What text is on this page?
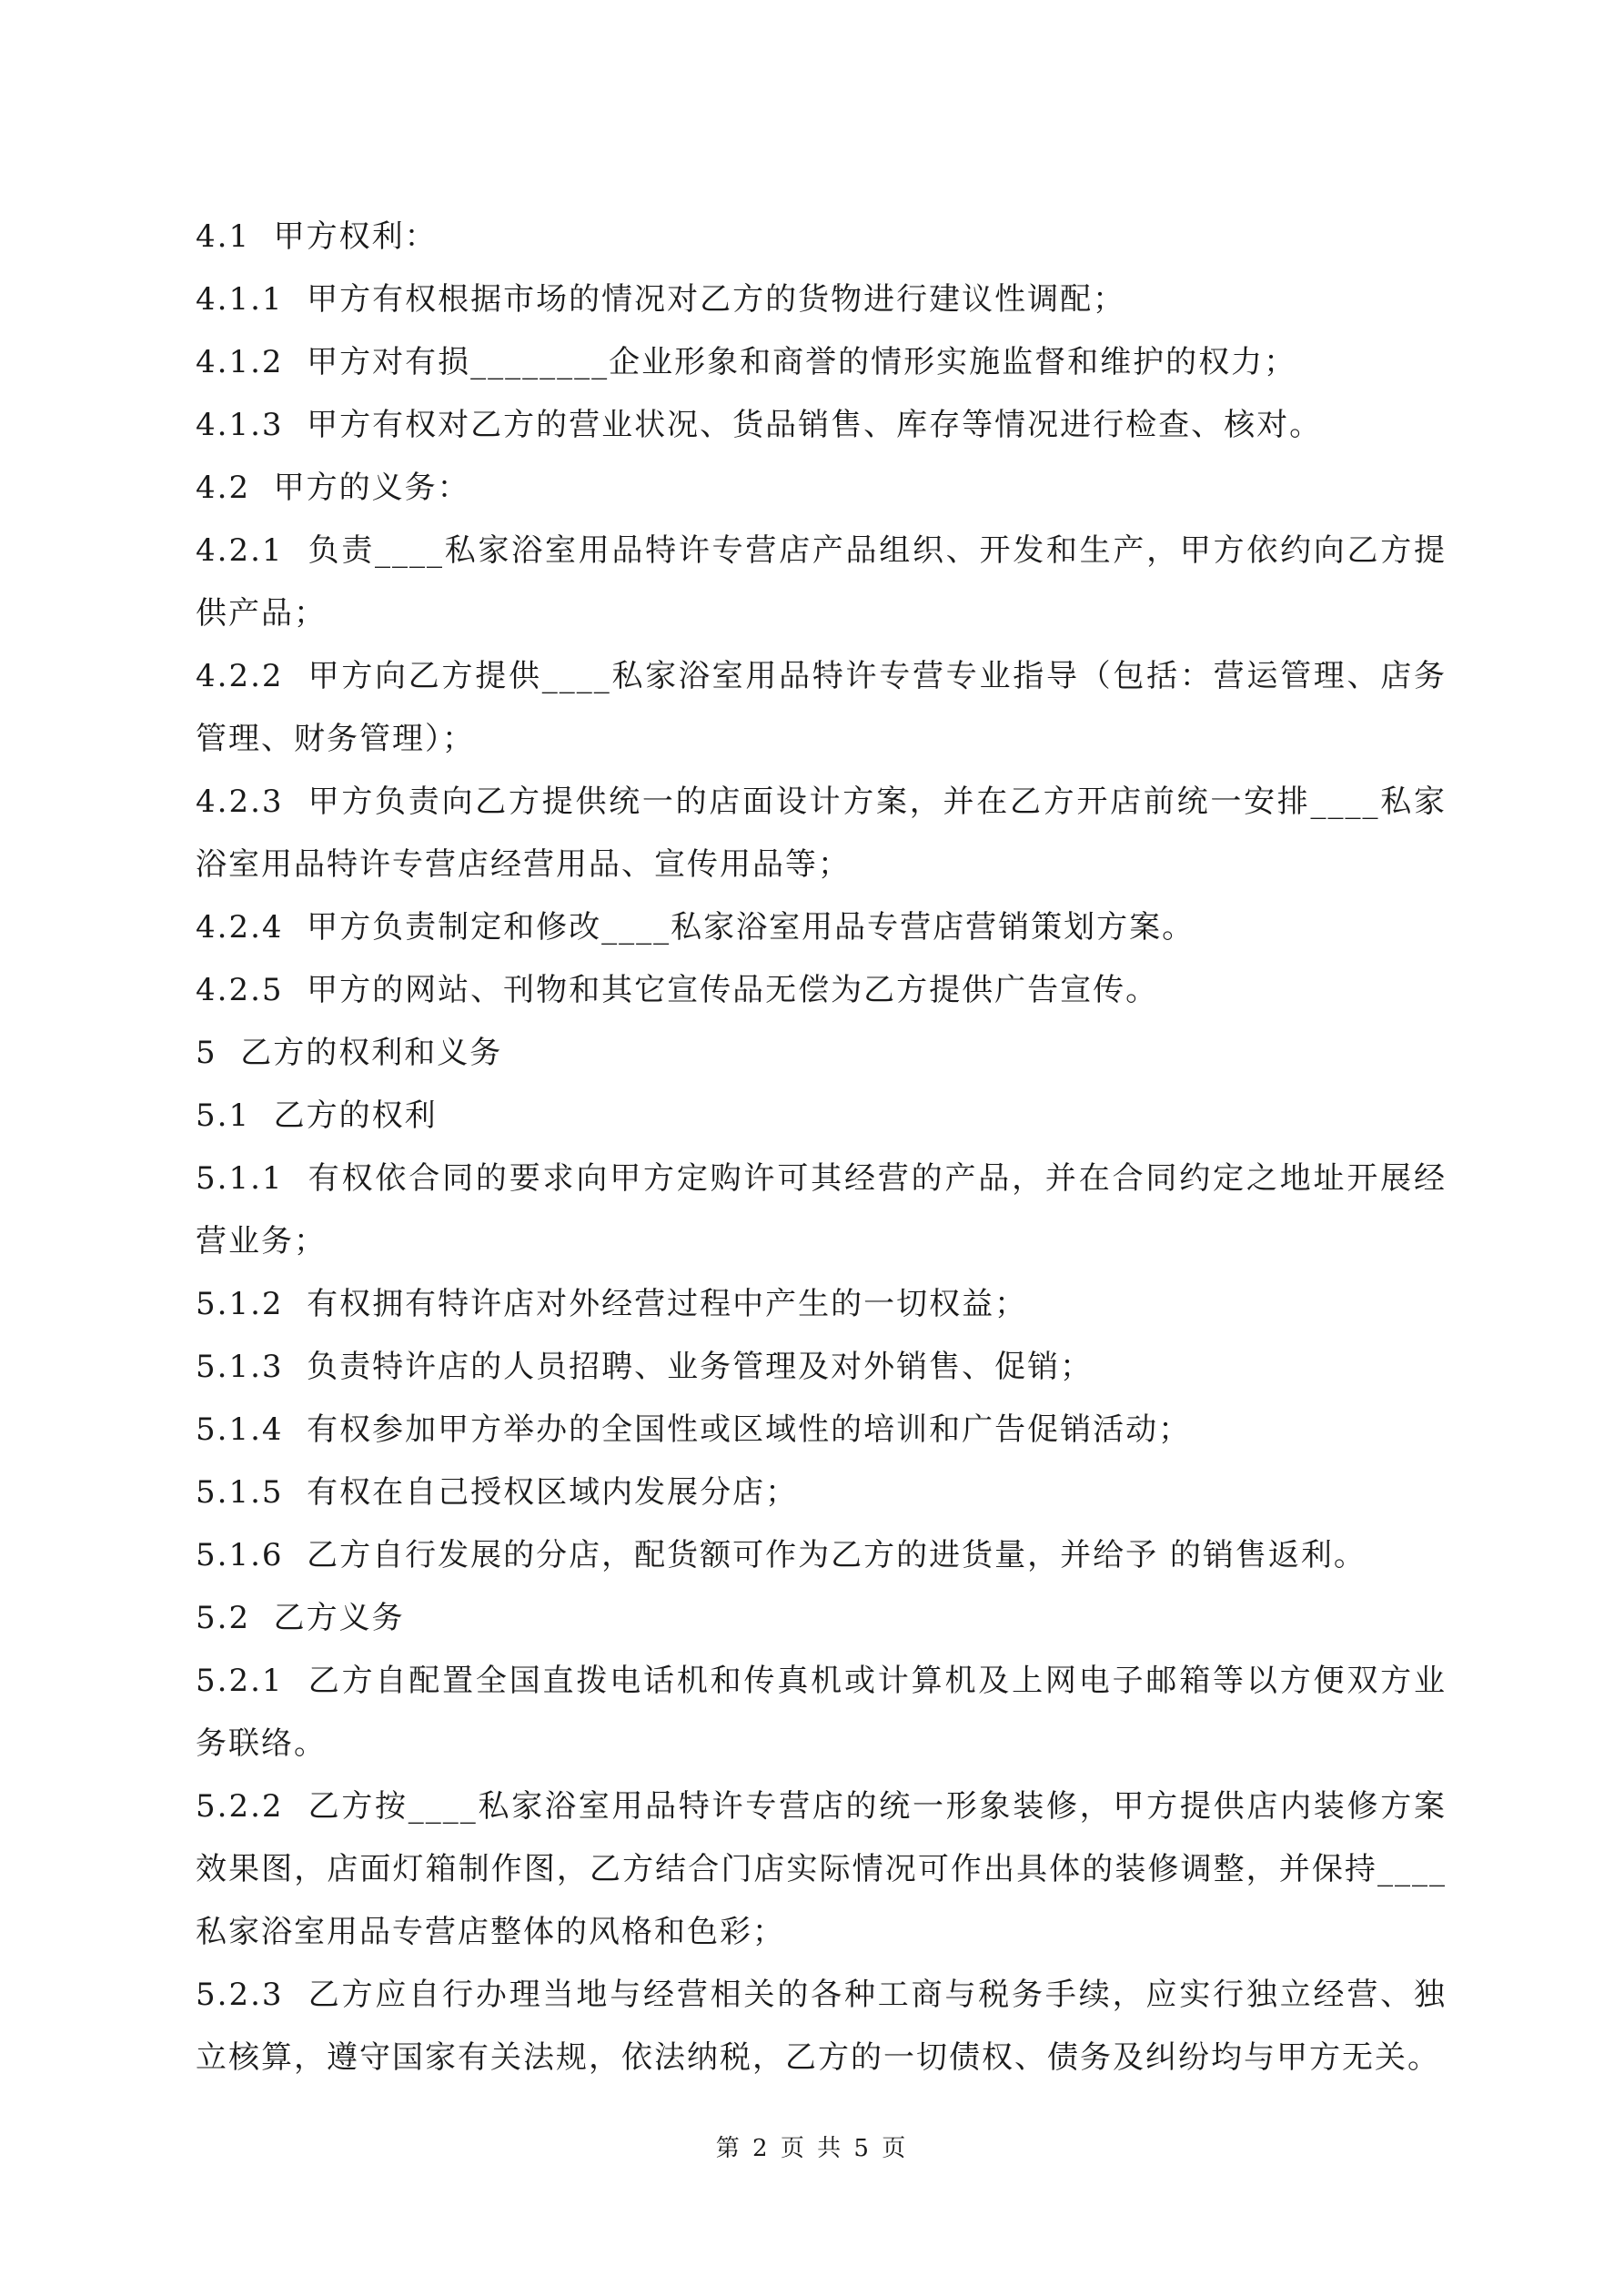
4.1  甲方权利：

4.1.1  甲方有权根据市场的情况对乙方的货物进行建议性调配；

4.1.2  甲方对有损________企业形象和商誉的情形实施监督和维护的权力；

4.1.3  甲方有权对乙方的营业状况、货品销售、库存等情况进行检查、核对。

4.2  甲方的义务：

4.2.1  负责____私家浴室用品特许专营店产品组织、开发和生产，甲方依约向乙方提供产品；

4.2.2  甲方向乙方提供____私家浴室用品特许专营专业指导（包括：营运管理、店务管理、财务管理）；

4.2.3  甲方负责向乙方提供统一的店面设计方案，并在乙方开店前统一安排____私家浴室用品特许专营店经营用品、宣传用品等；

4.2.4  甲方负责制定和修改____私家浴室用品专营店营销策划方案。

4.2.5  甲方的网站、刊物和其它宣传品无偿为乙方提供广告宣传。

5  乙方的权利和义务

5.1  乙方的权利

5.1.1  有权依合同的要求向甲方定购许可其经营的产品，并在合同约定之地址开展经营业务；

5.1.2  有权拥有特许店对外经营过程中产生的一切权益；

5.1.3  负责特许店的人员招聘、业务管理及对外销售、促销；

5.1.4  有权参加甲方举办的全国性或区域性的培训和广告促销活动；

5.1.5  有权在自己授权区域内发展分店；

5.1.6  乙方自行发展的分店，配货额可作为乙方的进货量，并给予 的销售返利。

5.2  乙方义务

5.2.1  乙方自配置全国直拨电话机和传真机或计算机及上网电子邮箱等以方便双方业务联络。

5.2.2  乙方按____私家浴室用品特许专营店的统一形象装修，甲方提供店内装修方案效果图，店面灯箱制作图，乙方结合门店实际情况可作出具体的装修调整，并保持____私家浴室用品专营店整体的风格和色彩；

5.2.3  乙方应自行办理当地与经营相关的各种工商与税务手续，应实行独立经营、独立核算，遵守国家有关法规，依法纳税，乙方的一切债权、债务及纠纷均与甲方无关。

第 2 页 共 5 页
